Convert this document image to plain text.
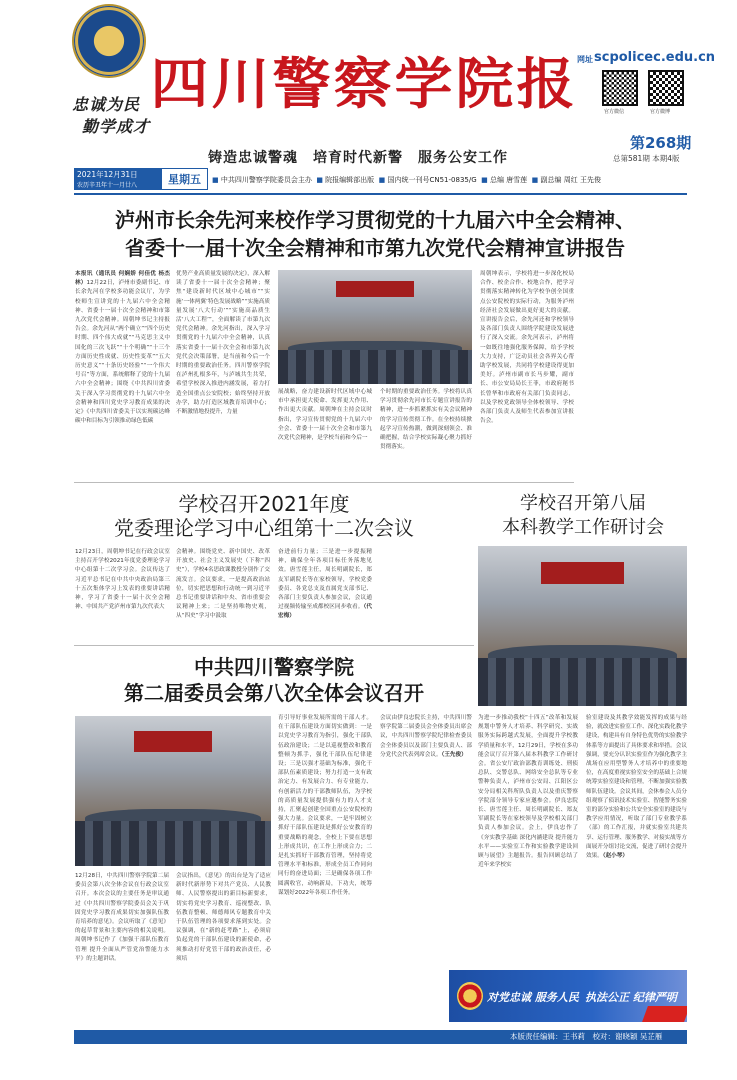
忠诚为民
勤学成才
四川警察学院报 网址 scpolicec.edu.cn
官方微信	官方微博
第268期
总第581期 本期4版
铸造忠诚警魂　培育时代新警　服务公安工作
2021年12月31日
农历辛丑年十一月廿八	星期五	■ 中共四川警察学院委员会主办 ■ 院报编辑部出版 ■ 国内统一刊号CN51-0835/G ■ 总编 唐雪莲 ■ 副总编 周红 王先俊
泸州市长余先河来校作学习贯彻党的十九届六中全会精神、
省委十一届十次全会精神和市第九次党代会精神宣讲报告
本报讯（通讯员 何娴娇 何佳优 杨杰林）12月22日，泸州市委副书记、市长余先河在学校多功能会议厅，为学校师生宣讲党的十九届六中全会精神、省委十一届十次全会精神和市第九次党代会精神。周朝坤书记主持报告会。余先河从“两个确立”“四个历史时期、四个伟大成就”“马克思主义中国化的三次飞跃”“十个明确”“十三个方面历史性成就、历史性变革”“五大历史意义”“十条历史经验”“一个伟大号召”等方面，系统解释了党的十九届六中全会精神；围绕《中共四川省委关于深入学习贯彻党的十九届六中全会精神和四川党史学习教育成果的决定》《中共四川省委关于以实现碳达峰碳中和目标为引领推动绿色低碳
优势产业高质量发展的决定》，深入解读了省委十一届十次全会精神；聚焦“建设新时代区域中心城市”“实施‘一体两翼’特色发展战略”“实施高质量发展‘八大行动’”“实施高品质生活‘八大工程’”，全面解读了市第九次党代会精神。余先河指出，深入学习贯彻党的十九届六中全会精神，认真落实省委十一届十次全会和市第九次党代会决策部署，是当前和今后一个时期的重要政治任务。四川警察学院在泸州扎根多年，与泸城共生共荣，希望学校深入推进内涵发展，着力打造全国重点公安院校；始终坚持开放办学，助力打造区域教育培训中心；不断激情地投提升，力量
展战略，奋力建设新时代区域中心城市中承担更大使命、发挥更大作用、作出更大贡献。周朝坤在主持会议时指出，学习宣传贯彻党的十九届六中全会、省委十一届十次全会和市第九次党代会精神，是学校当前和今后一
个时期的重要政治任务。学校将认真学习贯彻余先河市长专题宣讲报告的精神，进一步抓紧抓实有关会议精神的学习宣传贯彻工作。在全校持续掀起学习宣传热潮，做到深刻领会、准确把握，结合学校实际凝心聚力抓好贯彻落实。
周朝坤表示，学校将进一步深化校局合作、校企合作、校地合作，把学习贯彻落实精神转化为学校争创全国重点公安院校的实际行动，为服务泸州经济社会发展做出更好更大的贡献。宣讲报告会后，余先河还和学校领导及各部门负责人围绕学院建设发展进行了深入交流。余先河表示，泸州将一如既往地强化服务保障，给予学校大力支持，广泛动员社会各界关心帮助学校发展，共同将学校建设得更加美好。泸州市副市长马步耀，副市长、市公安局局长王菲，市政府秘书长曾华和市政府有关部门负责同志，以及学校党政领导全体校领导、学校各部门负责人及师生代表参加宣讲报告会。
学校召开2021年度
党委理论学习中心组第十二次会议
12月23日，周朝坤书记在行政会议室主持召开学校2021年度党委理论学习中心组第十二次学习会。会议传达了习近平总书记在中共中央政治局第三十五次集体学习上发表的重要讲话精神，学习了省委十一届十次全会精神、中国共产党泸州市第九次代表大
会精神。围绕党史、新中国史、改革开放史、社会主义发展史（下称“四史”），学校4名思政课教授分别作了交流发言。会议要求，一是提高政治站位，切实把思想和行动统一到习近平总书记重要讲话和中央、省市重要会议精神上来；二是坚持唯物史观，从“四史”学习中汲取
奋进前行力量；三是进一步提振精神，确保全年各项目标任务落地见效。唐雪莲主任，周长明副院长，郑友军副院长等在家校领导，学校党委委员、各党总支及直属党支部书记、各部门主要负责人参加会议，会议通过视频传输至成都校区同步收看。（代宏梅）
学校召开第八届
本科教学工作研讨会
为进一步推动我校“十四五”改革和发展规划中警务人才培养、科学研究、实战服务实际跨越式发展，全面提升学校教学质量和水平，12月29日，学校在多功能会议厅召开第八届本科教学工作研讨会。省公安厅政治部教育训练处、刑侦总队、交警总队、网络安全总队等专业警种负责人，泸州市公安局、江阳区公安分局相关科所队负责人以及重庆警察学院部分领导专家应邀参会。伊良忠院长、唐雪莲主任、周长明副院长、郑友军副院长等在家校领导及学校相关部门负责人参加会议。会上，伊良忠作了《夯实教学基础 深化内涵建设 提升能力水平——实验室工作和实验教学建设回顾与展望》主题报告。报告回顾总结了近年来学校实
验室建设及其教学效能发挥的成果与经验，就改进实验室工作、深化实践化教学建设，构建具有自身特色优势的实验教学体系等方面提出了具体要求和举措。会议强调，要充分认识实验室作为强化教学主战场在应用型警务人才培养中的重要地位，在高度重视实验室安全的基础上合规统筹实验室建设和管理，不断加强实验教师队伍建设。会议其间，会休参会人员分组观察了侦讯技术实验室、智能警务实验室的部分实验和公共安全实验室的建设与教学应用情况，听取了部门专业教学系（部）的工作汇报，并就实验室共建共享、运行管理、服务教学、对接实战等方面展开分组讨论交流，促进了研讨会提升效果。（赵小琴）
中共四川警察学院
第二届委员会第八次全体会议召开
12月28日，中共四川警察学院第二届委员会第八次全体会议在行政会议室召开。本次会议的主要任务是审议通过《中共四川警察学院委员会关于巩固党史学习教育成果切实加强队伍教育培养的意见》。会议听取了《意见》的起草背景和主要内容的相关说明。周朝坤书记作了《加强干部队伍教育管理 提升全面从严管党治警能力水平》的主题讲话。
会议指出，《意见》的出台是为了适应新时代新形势下对共产党员、人民教师、人民警察提出的新目标新要求，切实将党史学习教育、巡视整改、队伍教育整顿、师德师风专题教育中关于队伍管理的各项要求落到实处。会议强调，在“新的赶考路”上，必须肩负起党的干部队伍建设的新使命，必须推动打好党管干部的政治责任，必须培
育引导好事业发展所需的干部人才。在干部队伍建设方面切实做到：一是以党史学习教育为指引，强化干部队伍政治建设；二是以巡视整改和教育整顿为抓手，强化干部队伍纪律建设；三是以强才基础为标准，强化干部队伍素质建设；努力打造一支有政治定力、有发展合力、有专业能力、有创新活力的干部教师队伍，为学校的高质量发展提供强有力的人才支持，汇聚起创建全国重点公安院校的强大力量。会议要求，一是牢固树立抓好干部队伍建设是抓好公安教育的重要战略的观念，全校上下要在思想上形成共识，在工作上形成合力；二是扎实抓好干部教育管理，坚持将党管理水平和标准，形成全员工作同向同行的奋进局面；三是确保各项工作圆满收官，动响新局，下功夫，统筹谋划好2022年各项工作任务。
会议由伊良忠院长主持，中共四川警察学院第二届委员会全体委员出席会议，中共四川警察学院纪律检查委员会全体委员以及部门主要负责人、部分党代会代表列席会议。（王先俊）
对党忠诚 服务人民 执法公正 纪律严明
本版责任编辑：王书莉　校对：谢晓颖 吴芷雁
